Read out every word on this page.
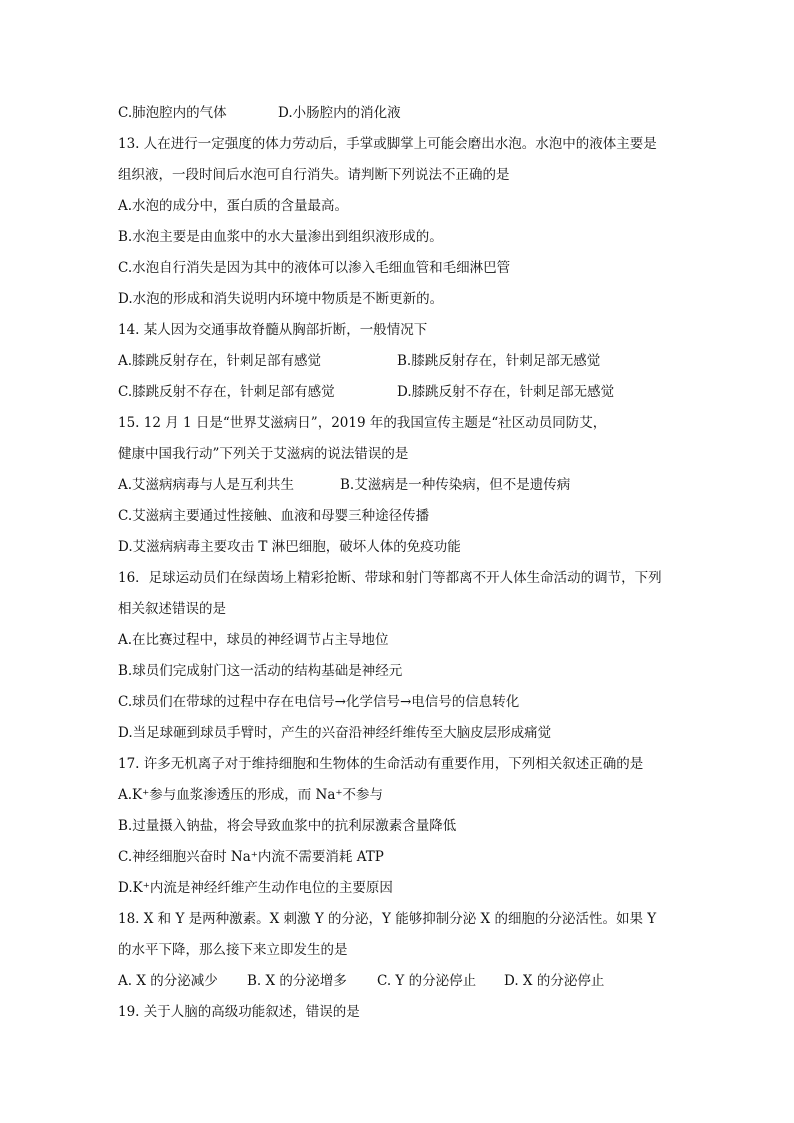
C.肺泡腔内的气体	D.小肠腔内的消化液
13. 人在进行一定强度的体力劳动后，手掌或脚掌上可能会磨出水泡。水泡中的液体主要是
组织液，一段时间后水泡可自行消失。请判断下列说法不正确的是
A.水泡的成分中，蛋白质的含量最高。
B.水泡主要是由血浆中的水大量渗出到组织液形成的。
C.水泡自行消失是因为其中的液体可以渗入毛细血管和毛细淋巴管
D.水泡的形成和消失说明内环境中物质是不断更新的。
14. 某人因为交通事故脊髓从胸部折断，一般情况下
A.膝跳反射存在，针刺足部有感觉	B.膝跳反射存在，针刺足部无感觉
C.膝跳反射不存在，针刺足部有感觉	D.膝跳反射不存在，针刺足部无感觉
15. 12 月 1 日是“世界艾滋病日”，2019 年的我国宣传主题是“社区动员同防艾，
健康中国我行动”下列关于艾滋病的说法错误的是
A.艾滋病病毒与人是互利共生	B.艾滋病是一种传染病，但不是遗传病
C.艾滋病主要通过性接触、血液和母婴三种途径传播
D.艾滋病病毒主要攻击 T 淋巴细胞，破坏人体的免疫功能
16．足球运动员们在绿茵场上精彩抢断、带球和射门等都离不开人体生命活动的调节，下列
相关叙述错误的是
A.在比赛过程中，球员的神经调节占主导地位
B.球员们完成射门这一活动的结构基础是神经元
C.球员们在带球的过程中存在电信号→化学信号→电信号的信息转化
D.当足球砸到球员手臂时，产生的兴奋沿神经纤维传至大脑皮层形成痛觉
17. 许多无机离子对于维持细胞和生物体的生命活动有重要作用，下列相关叙述正确的是
A.K⁺参与血浆渗透压的形成，而 Na⁺不参与
B.过量摄入钠盐，将会导致血浆中的抗利尿激素含量降低
C.神经细胞兴奋时 Na⁺内流不需要消耗 ATP
D.K⁺内流是神经纤维产生动作电位的主要原因
18. X 和 Y 是两种激素。X 刺激 Y 的分泌，Y 能够抑制分泌 X 的细胞的分泌活性。如果 Y
的水平下降，那么接下来立即发生的是
A. X 的分泌减少 B. X 的分泌增多 C. Y 的分泌停止 D. X 的分泌停止
19. 关于人脑的高级功能叙述，错误的是
